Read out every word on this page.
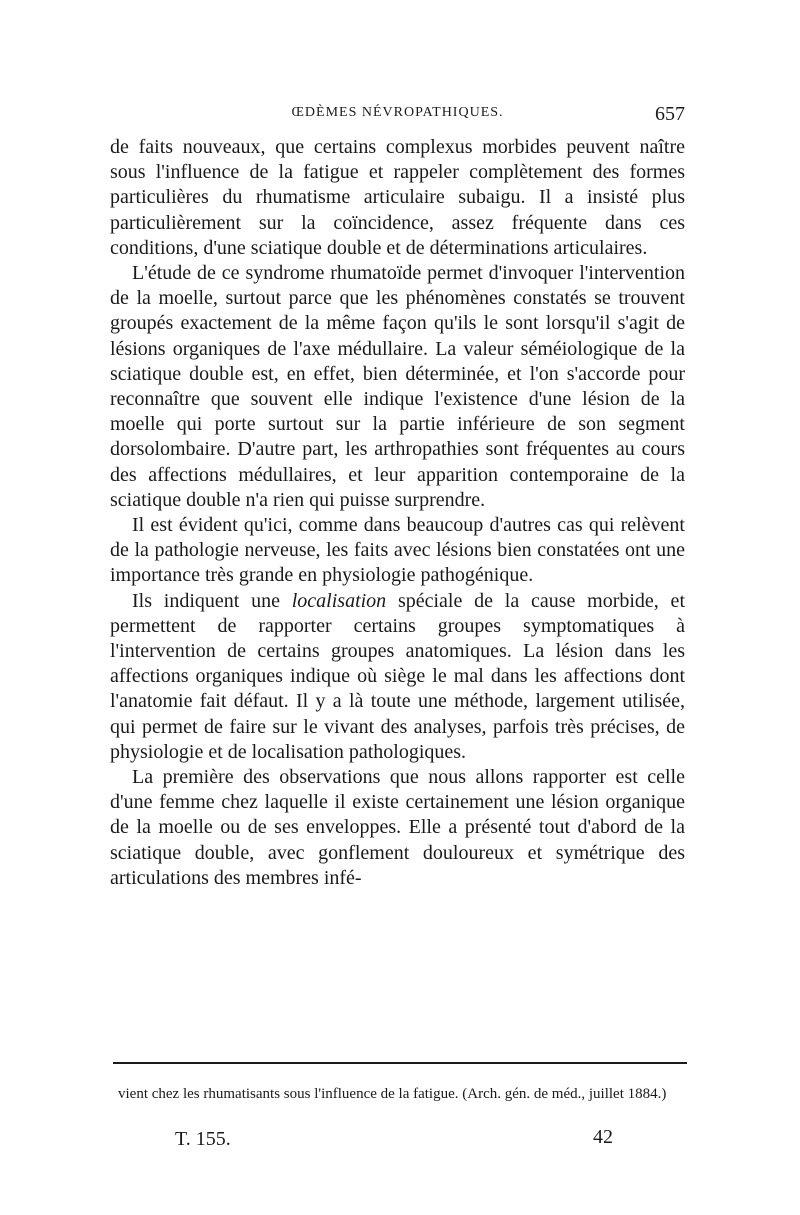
ŒDÈMES NÉVROPATHIQUES.	657

de faits nouveaux, que certains complexus morbides peuvent naître sous l'influence de la fatigue et rappeler complètement des formes particulières du rhumatisme articulaire subaigu. Il a insisté plus particulièrement sur la coïncidence, assez fréquente dans ces conditions, d'une sciatique double et de déterminations articulaires.

L'étude de ce syndrome rhumatoïde permet d'invoquer l'intervention de la moelle, surtout parce que les phénomènes constatés se trouvent groupés exactement de la même façon qu'ils le sont lorsqu'il s'agit de lésions organiques de l'axe médullaire. La valeur séméiologique de la sciatique double est, en effet, bien déterminée, et l'on s'accorde pour reconnaître que souvent elle indique l'existence d'une lésion de la moelle qui porte surtout sur la partie inférieure de son segment dorsolombaire. D'autre part, les arthropathies sont fréquentes au cours des affections médullaires, et leur apparition contemporaine de la sciatique double n'a rien qui puisse surprendre.

Il est évident qu'ici, comme dans beaucoup d'autres cas qui relèvent de la pathologie nerveuse, les faits avec lésions bien constatées ont une importance très grande en physiologie pathogénique.

Ils indiquent une localisation spéciale de la cause morbide, et permettent de rapporter certains groupes symptomatiques à l'intervention de certains groupes anatomiques. La lésion dans les affections organiques indique où siège le mal dans les affections dont l'anatomie fait défaut. Il y a là toute une méthode, largement utilisée, qui permet de faire sur le vivant des analyses, parfois très précises, de physiologie et de localisation pathologiques.

La première des observations que nous allons rapporter est celle d'une femme chez laquelle il existe certainement une lésion organique de la moelle ou de ses enveloppes. Elle a présenté tout d'abord de la sciatique double, avec gonflement douloureux et symétrique des articulations des membres infé-

vient chez les rhumatisants sous l'influence de la fatigue. (Arch. gén. de méd., juillet 1884.)

T. 155.	42
